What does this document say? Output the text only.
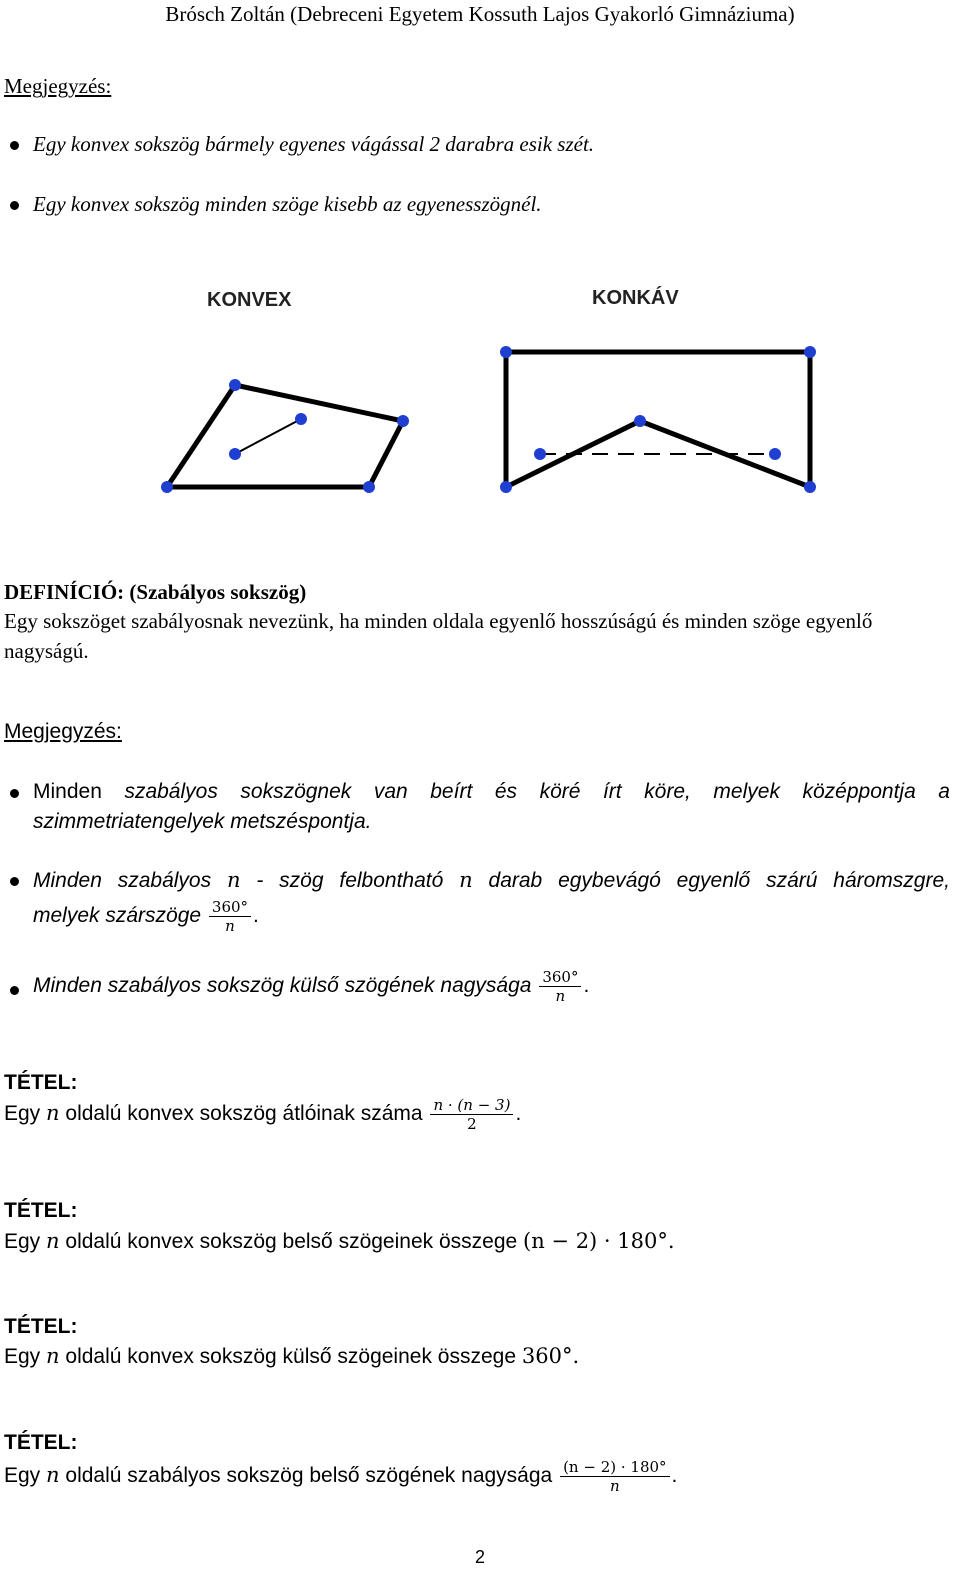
Brósch Zoltán (Debreceni Egyetem Kossuth Lajos Gyakorló Gimnáziuma)
Megjegyzés:
Egy konvex sokszög bármely egyenes vágással 2 darabra esik szét.
Egy konvex sokszög minden szöge kisebb az egyenesszögnél.
KONVEX	KONKÁV
DEFINÍCIÓ: (Szabályos sokszög)
Egy sokszöget szabályosnak nevezünk, ha minden oldala egyenlő hosszúságú és minden szöge egyenlő nagyságú.
Megjegyzés:
Minden szabályos sokszögnek van beírt és köré írt köre, melyek középpontja a
szimmetriatengelyek metszéspontja.
Minden szabályos n - szög felbontható n darab egybevágó egyenlő szárú háromszgre,
melyek szárszöge $\frac{360^\circ}{n}$ .
Minden szabályos sokszög külső szögének nagysága $\frac{360^\circ}{n}$ .
TÉTEL:
Egy n oldalú konvex sokszög átlóinak száma $\frac{n \cdot (n - 3)}{2}$ .
TÉTEL:
Egy n oldalú konvex sokszög belső szögeinek összege (n − 2) · 180°.
TÉTEL:
Egy n oldalú konvex sokszög külső szögeinek összege 360°.
TÉTEL:
Egy n oldalú szabályos sokszög belső szögének nagysága $\frac{(n - 2) \cdot 180^\circ}{n}$ .
2
